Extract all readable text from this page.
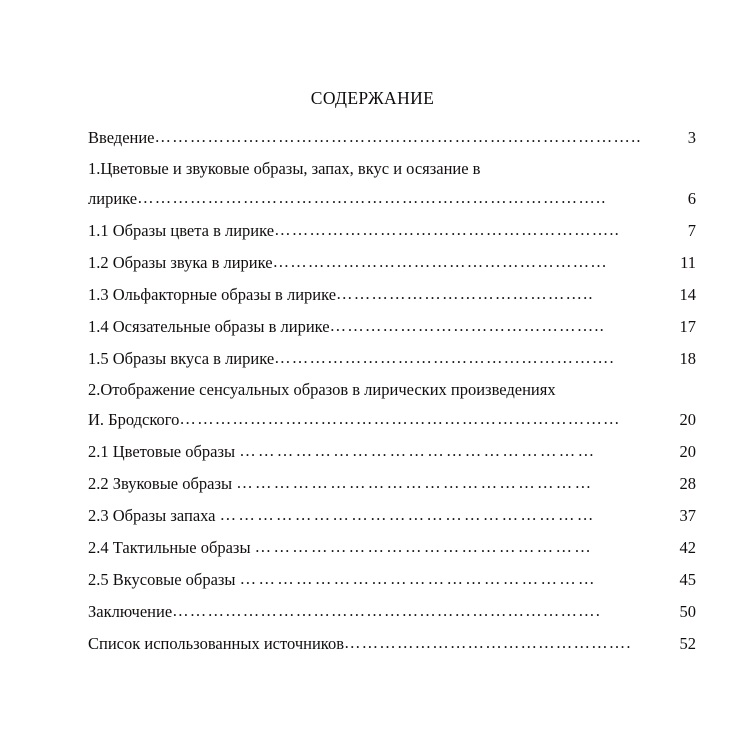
СОДЕРЖАНИЕ
Введение ………………………………………………………………………..	3
1.Цветовые и звуковые образы, запах, вкус и осязание в
лирике ……………………………………………………………………..	6
1.1 Образы цвета в лирике …………………………………………………..	7
1.2 Образы звука в лирике …………………………………………………	11
1.3 Ольфакторные образы в лирике ……………………………………..	14
1.4 Осязательные образы в лирике ………………………………………..	17
1.5 Образы вкуса в лирике ………………………………………………….	18
2.Отображение сенсуальных образов в лирических произведениях
И. Бродского …………………………………………………………………	20
2.1 Цветовые образы …………………………………………………	20
2.2 Звуковые образы …………………………………………………	28
2.3 Образы запаха ……………………………………………………	37
2.4 Тактильные образы ………………………………………………	42
2.5 Вкусовые образы …………………………………………………	45
Заключение ……………………………………………………………….	50
Список использованных источников ………………………………………….	52
